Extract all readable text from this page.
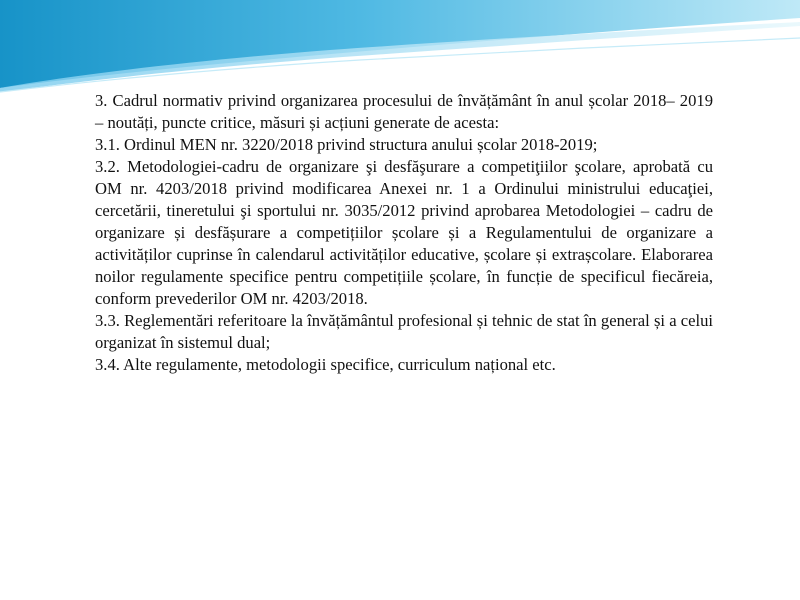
3. Cadrul normativ privind organizarea procesului de învățământ în anul școlar 2018– 2019 – noutăți, puncte critice, măsuri și acțiuni generate de acesta:

3.1. Ordinul MEN nr. 3220/2018 privind structura anului școlar 2018-2019;

3.2. Metodologiei-cadru de organizare şi desfăşurare a competiţiilor şcolare, aprobată cu OM nr. 4203/2018 privind modificarea Anexei nr. 1 a Ordinului ministrului educaţiei, cercetării, tineretului şi sportului nr. 3035/2012 privind aprobarea Metodologiei – cadru de organizare și desfășurare a competițiilor școlare și a Regulamentului de organizare a activităților cuprinse în calendarul activităților educative, școlare și extrașcolare. Elaborarea noilor regulamente specifice pentru competițiile școlare, în funcție de specificul fiecăreia, conform prevederilor OM nr. 4203/2018.

3.3. Reglementări referitoare la învățământul profesional și tehnic de stat în general și a celui organizat în sistemul dual;

3.4. Alte regulamente, metodologii specifice, curriculum național etc.
